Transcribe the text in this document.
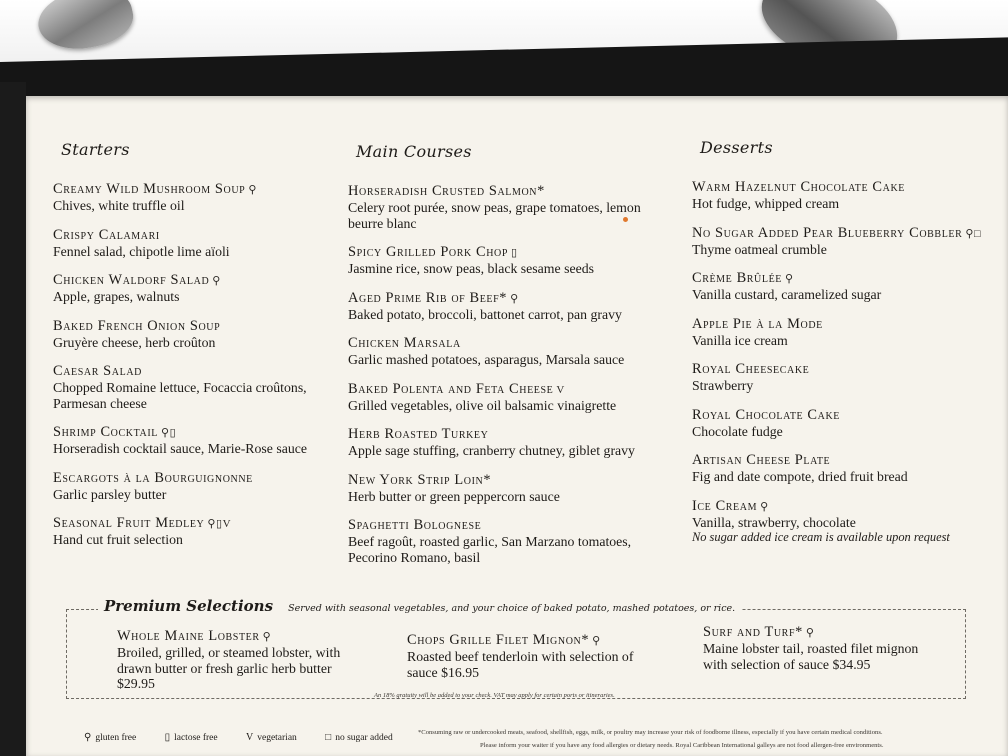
Starters
Creamy Wild Mushroom Soup ⚲
Chives, white truffle oil
Crispy Calamari
Fennel salad, chipotle lime aïoli
Chicken Waldorf Salad ⚲
Apple, grapes, walnuts
Baked French Onion Soup
Gruyère cheese, herb croûton
Caesar Salad
Chopped Romaine lettuce, Focaccia croûtons, Parmesan cheese
Shrimp Cocktail ⚲▯
Horseradish cocktail sauce, Marie-Rose sauce
Escargots à la Bourguignonne
Garlic parsley butter
Seasonal Fruit Medley ⚲▯V
Hand cut fruit selection
Main Courses
Horseradish Crusted Salmon*
Celery root purée, snow peas, grape tomatoes, lemon beurre blanc
Spicy Grilled Pork Chop ▯
Jasmine rice, snow peas, black sesame seeds
Aged Prime Rib of Beef* ⚲
Baked potato, broccoli, battonet carrot, pan gravy
Chicken Marsala
Garlic mashed potatoes, asparagus, Marsala sauce
Baked Polenta and Feta Cheese V
Grilled vegetables, olive oil balsamic vinaigrette
Herb Roasted Turkey
Apple sage stuffing, cranberry chutney, giblet gravy
New York Strip Loin*
Herb butter or green peppercorn sauce
Spaghetti Bolognese
Beef ragoût, roasted garlic, San Marzano tomatoes, Pecorino Romano, basil
Desserts
Warm Hazelnut Chocolate Cake
Hot fudge, whipped cream
No Sugar Added Pear Blueberry Cobbler ⚲□
Thyme oatmeal crumble
Crème Brûlée ⚲
Vanilla custard, caramelized sugar
Apple Pie à la Mode
Vanilla ice cream
Royal Cheesecake
Strawberry
Royal Chocolate Cake
Chocolate fudge
Artisan Cheese Plate
Fig and date compote, dried fruit bread
Ice Cream ⚲
Vanilla, strawberry, chocolate
No sugar added ice cream is available upon request
Whole Maine Lobster ⚲
Broiled, grilled, or steamed lobster, with drawn butter or fresh garlic herb butter $29.95
Chops Grille Filet Mignon* ⚲
Roasted beef tenderloin with selection of sauce $16.95
Surf and Turf* ⚲
Maine lobster tail, roasted filet mignon with selection of sauce $34.95
Premium Selections Served with seasonal vegetables, and your choice of baked potato, mashed potatoes, or rice.
An 18% gratuity will be added to your check. VAT may apply for certain ports or itineraries.
⚲ gluten free	▯ lactose free	V vegetarian	□ no sugar added
*Consuming raw or undercooked meats, seafood, shellfish, eggs, milk, or poultry may increase your risk of foodborne illness, especially if you have certain medical conditions.
Please inform your waiter if you have any food allergies or dietary needs. Royal Caribbean International galleys are not food allergen-free environments.
